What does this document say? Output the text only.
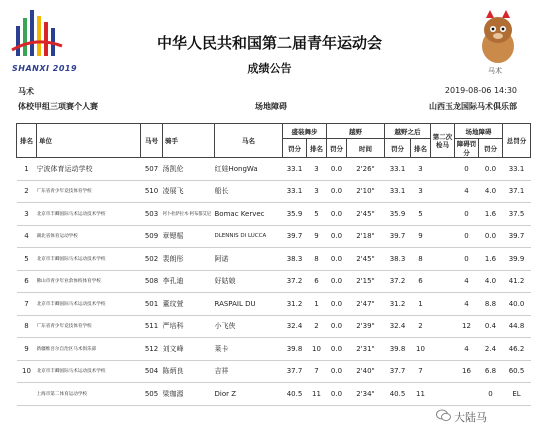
SHANXI 2019	马术
中华人民共和国第二届青年运动会
成绩公告
马术	2019-08-06 14:30
体校甲组三项赛个人赛	场地障碍	山西玉龙国际马术俱乐部
排名	单位	马号	骑手	马名	盛装舞步		越野		越野之后		第二次检马	场地障碍		总罚分
					罚分	排名	罚分	时间	罚分	排名		障碍罚分	罚分	
1	宁波体育运动学校	507	汤凯伦	红娃HongWa	33.1	3	0.0	2'26"	33.1	3		0	0.0	33.1
2	广东省青少年竞技体育学校	510	凌展飞	船长	33.1	3	0.0	2'10"	33.1	3		4	4.0	37.1
3	北京市丰卿国际马术运动技术学校	503	阿卜杜萨拉木·阿布都艾尼	Bomac Kervec	35.9	5	0.0	2'45"	35.9	5		0	1.6	37.5
4	湖北省体育运动学校	509	章锶榣	DLENNIS DI LUCCA	39.7	9	0.0	2'18"	39.7	9		0	0.0	39.7
5	北京市丰卿国际马术运动技术学校	502	裴朗彤	阿诺	38.3	8	0.0	2'45"	38.3	8		0	1.6	39.9
6	佛山市青少年业余体校体育学校	508	李孔迪	好姑娘	37.2	6	0.0	2'15"	37.2	6		4	4.0	41.2
7	北京市丰卿国际马术运动技术学校	501	董玟萱	RASPAIL DU	31.2	1	0.0	2'47"	31.2	1		4	8.8	40.0
8	广东省青少年竞技体育学校	511	严培科	小飞侠	32.4	2	0.0	2'39"	32.4	2		12	0.4	44.8
9	新疆维吾尔自治区马术俱乐部	512	刘文峰	莱卡	39.8	10	0.0	2'31"	39.8	10		4	2.4	46.2
10	北京市丰卿国际马术运动技术学校	504	陈炳良	吉祥	37.7	7	0.0	2'40"	37.7	7		16	6.8	60.5
	上海市第二体育运动学校	505	梁珈源	Dior Z	40.5	11	0.0	2'34"	40.5	11			0	EL
大陆马
